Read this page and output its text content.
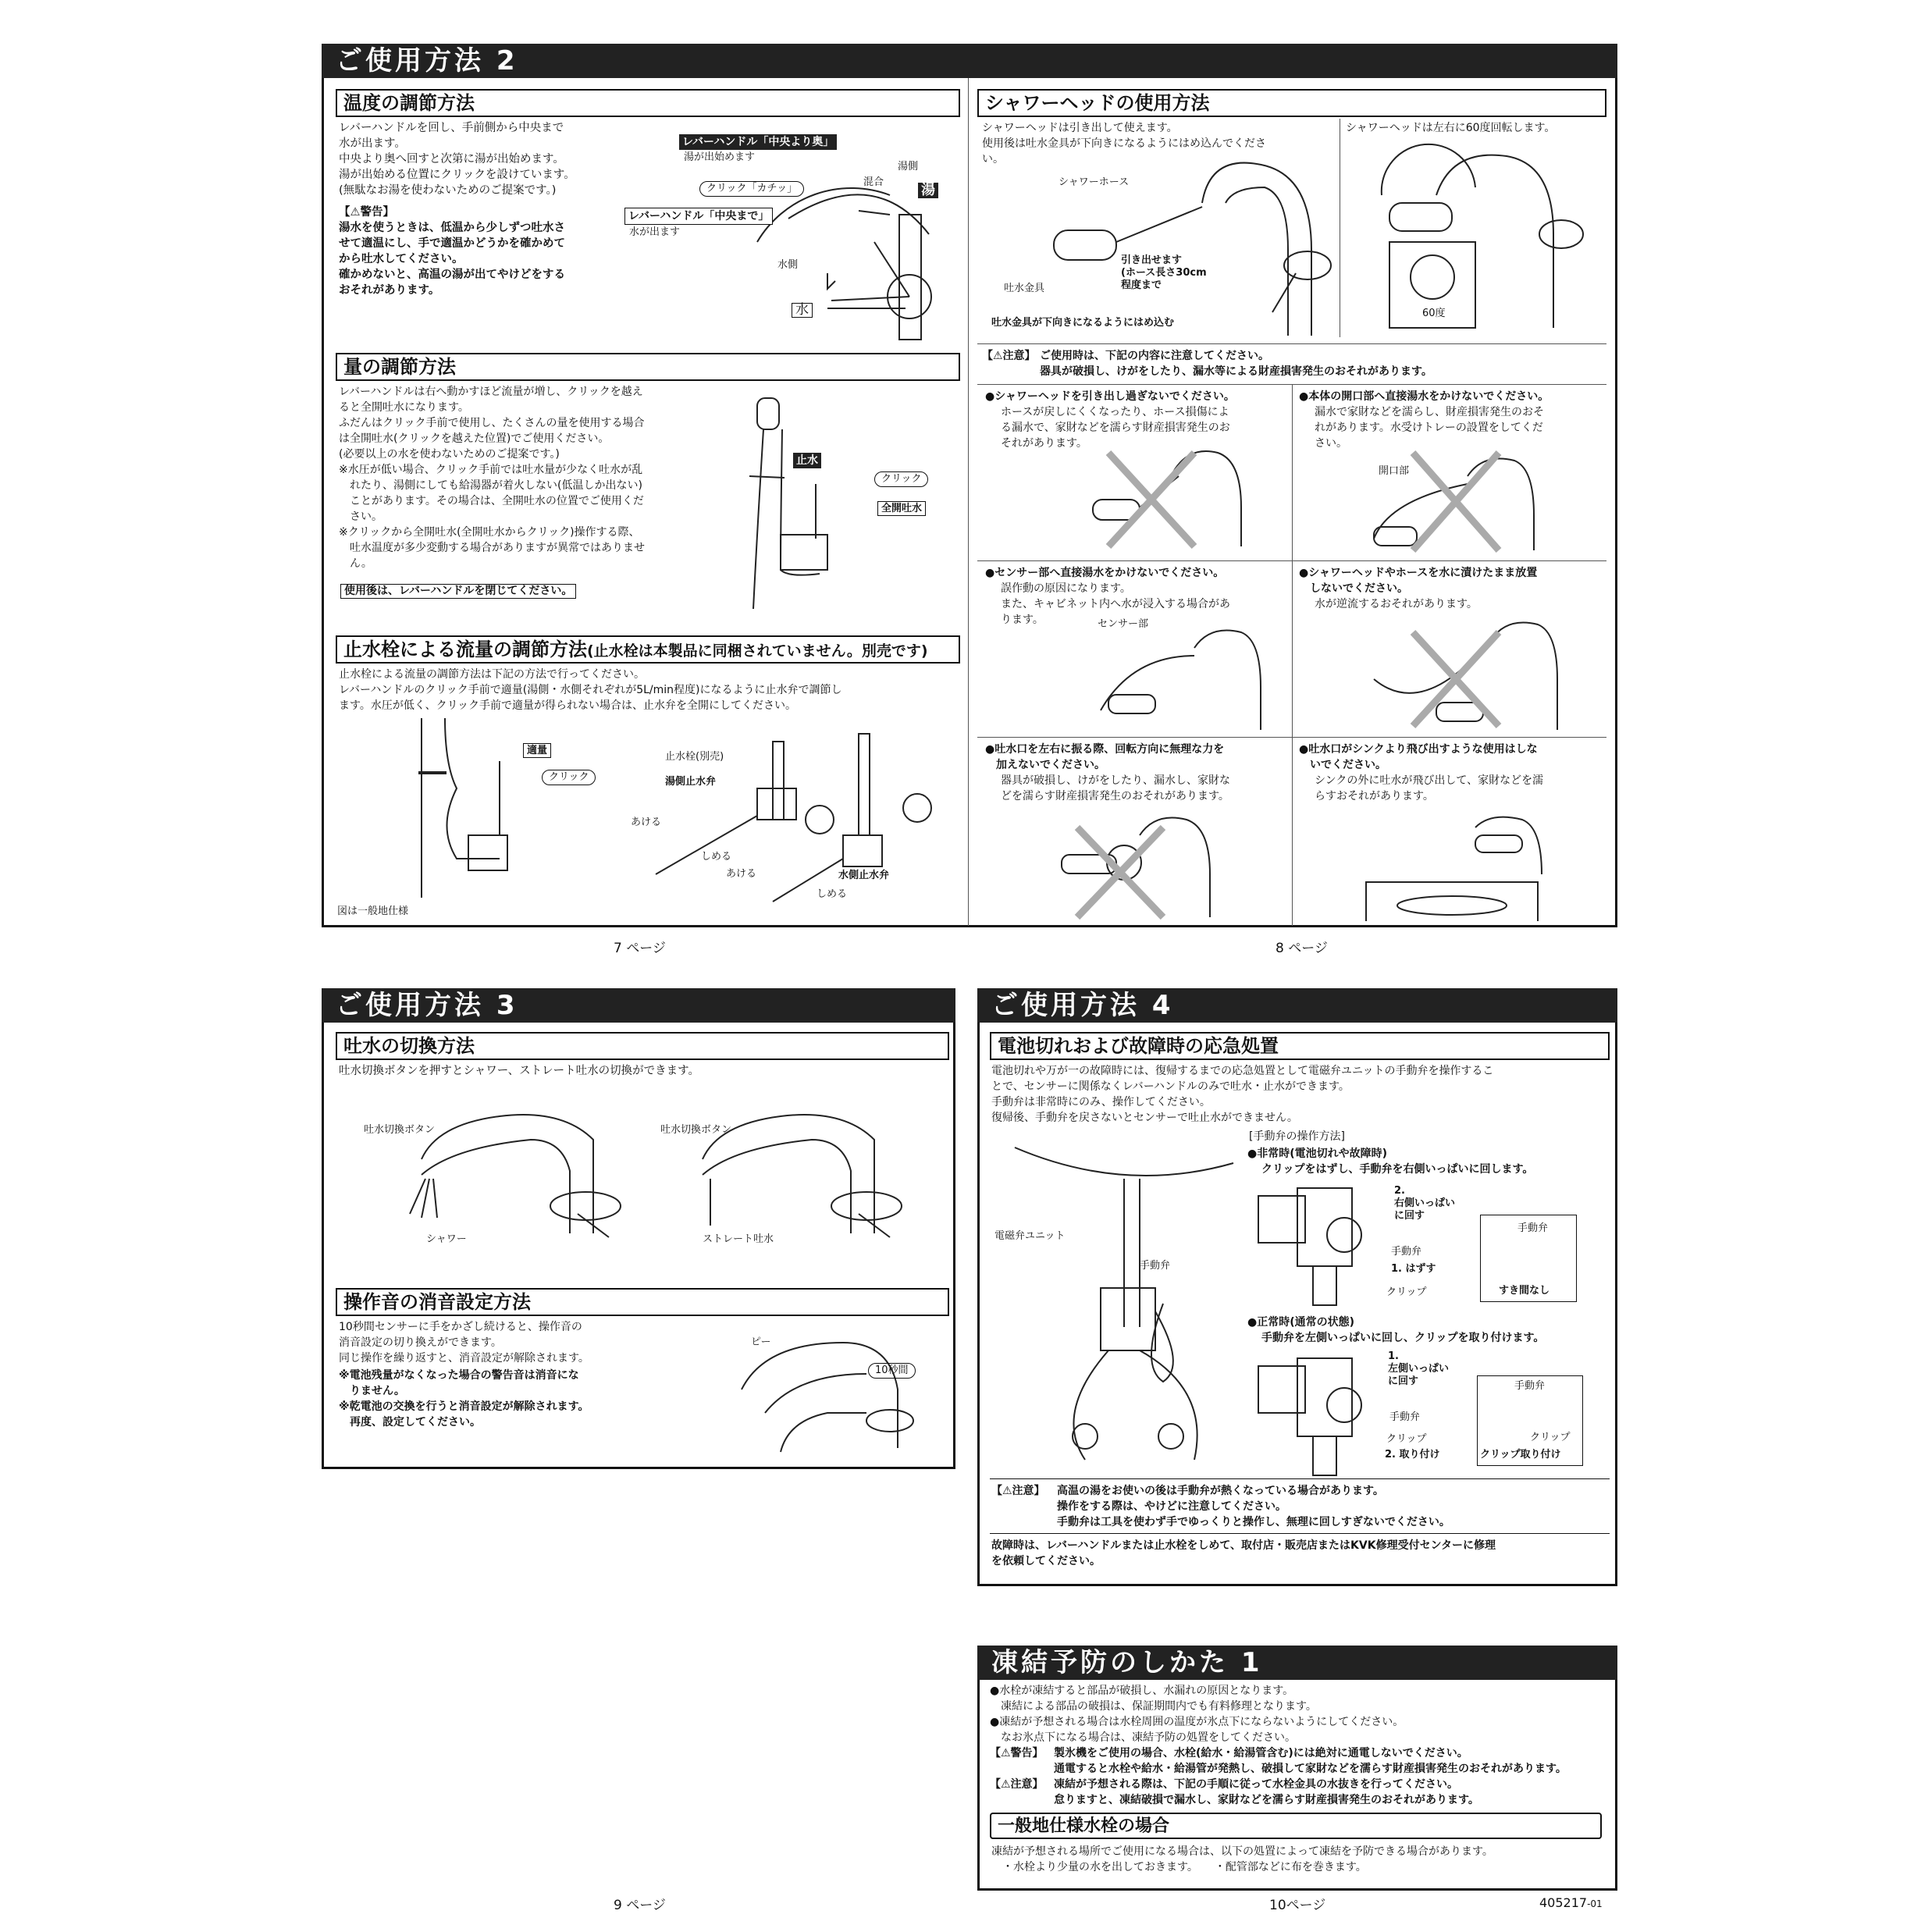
ご使用方法 2
温度の調節方法
レバーハンドルを回し、手前側から中央まで
水が出ます。
中央より奥へ回すと次第に湯が出始めます。
湯が出始める位置にクリックを設けています。
(無駄なお湯を使わないためのご提案です。)
【⚠警告】
湯水を使うときは、低温から少しずつ吐水さ
せて適温にし、手で適温かどうかを確かめて
から吐水してください。
確かめないと、高温の湯が出てやけどをする
おそれがあります。
レバーハンドル「中央より奥」
湯が出始めます
クリック「カチッ」
湯側
混合	湯
レバーハンドル「中央まで」
水が出ます
水側
水
量の調節方法
レバーハンドルは右へ動かすほど流量が増し、クリックを越え
ると全開吐水になります。
ふだんはクリック手前で使用し、たくさんの量を使用する場合
は全開吐水(クリックを越えた位置)でご使用ください。
(必要以上の水を使わないためのご提案です。)
※水圧が低い場合、クリック手前では吐水量が少なく吐水が乱
　れたり、湯側にしても給湯器が着火しない(低温しか出ない)
　ことがあります。その場合は、全開吐水の位置でご使用くだ
　さい。
※クリックから全開吐水(全開吐水からクリック)操作する際、
　吐水温度が多少変動する場合がありますが異常ではありませ
　ん。
使用後は、レバーハンドルを閉じてください。
止水
クリック
全開吐水
止水栓による流量の調節方法(止水栓は本製品に同梱されていません。別売です)
止水栓による流量の調節方法は下記の方法で行ってください。
レバーハンドルのクリック手前で適量(湯側・水側それぞれが5L/min程度)になるように止水弁で調節し
ます。水圧が低く、クリック手前で適量が得られない場合は、止水弁を全開にしてください。
適量
クリック
止水栓(別売)
湯側止水弁
あける
しめる
あける	水側止水弁
しめる
図は一般地仕様
7 ページ
シャワーヘッドの使用方法
シャワーヘッドは引き出して使えます。
使用後は吐水金具が下向きになるようにはめ込んでくださ
い。
シャワーヘッドは左右に60度回転します。
シャワーホース
引き出せます
(ホース長さ30cm
程度まで
吐水金具
吐水金具が下向きになるようにはめ込む
60度
【⚠注意】 ご使用時は、下記の内容に注意してください。
器具が破損し、けがをしたり、漏水等による財産損害発生のおそれがあります。
●シャワーヘッドを引き出し過ぎないでください。
ホースが戻しにくくなったり、ホース損傷によ
る漏水で、家財などを濡らす財産損害発生のお
それがあります。
●本体の開口部へ直接湯水をかけないでください。
漏水で家財などを濡らし、財産損害発生のおそ
れがあります。水受けトレーの設置をしてくだ
さい。
開口部
●センサー部へ直接湯水をかけないでください。
誤作動の原因になります。
また、キャビネット内へ水が浸入する場合があ
ります。	センサー部
●シャワーヘッドやホースを水に漬けたまま放置
　しないでください。
水が逆流するおそれがあります。
●吐水口を左右に振る際、回転方向に無理な力を
　加えないでください。
器具が破損し、けがをしたり、漏水し、家財な
どを濡らす財産損害発生のおそれがあります。
●吐水口がシンクより飛び出すような使用はしな
　いでください。
シンクの外に吐水が飛び出して、家財などを濡
らすおそれがあります。
8 ページ
ご使用方法 3
吐水の切換方法
吐水切換ボタンを押すとシャワー、ストレート吐水の切換ができます。
吐水切換ボタン	吐水切換ボタン
シャワー	ストレート吐水
操作音の消音設定方法
10秒間センサーに手をかざし続けると、操作音の
消音設定の切り換えができます。
同じ操作を繰り返すと、消音設定が解除されます。
※電池残量がなくなった場合の警告音は消音にな
　りません。
※乾電池の交換を行うと消音設定が解除されます。
　再度、設定してください。
ピー
10秒間
9 ページ
ご使用方法 4
電池切れおよび故障時の応急処置
電池切れや万が一の故障時には、復帰するまでの応急処置として電磁弁ユニットの手動弁を操作するこ
とで、センサーに関係なくレバーハンドルのみで吐水・止水ができます。
手動弁は非常時にのみ、操作してください。
復帰後、手動弁を戻さないとセンサーで吐止水ができません。
[手動弁の操作方法]
電磁弁ユニット
手動弁
●非常時(電池切れや故障時)
クリップをはずし、手動弁を右側いっぱいに回します。
2.
右側いっぱい
に回す
手動弁
1. はずす
クリップ
手動弁
すき間なし
●正常時(通常の状態)
手動弁を左側いっぱいに回し、クリップを取り付けます。
1.
左側いっぱい
に回す
手動弁
クリップ
2. 取り付け
手動弁
クリップ
クリップ取り付け
【⚠注意】 高温の湯をお使いの後は手動弁が熱くなっている場合があります。
操作をする際は、やけどに注意してください。
手動弁は工具を使わず手でゆっくりと操作し、無理に回しすぎないでください。
故障時は、レバーハンドルまたは止水栓をしめて、取付店・販売店またはKVK修理受付センターに修理
を依頼してください。
凍結予防のしかた 1
●水栓が凍結すると部品が破損し、水漏れの原因となります。
　凍結による部品の破損は、保証期間内でも有料修理となります。
●凍結が予想される場合は水栓周囲の温度が氷点下にならないようにしてください。
　なお氷点下になる場合は、凍結予防の処置をしてください。
【⚠警告】 製氷機をご使用の場合、水栓(給水・給湯管含む)には絶対に通電しないでください。
通電すると水栓や給水・給湯管が発熱し、破損して家財などを濡らす財産損害発生のおそれがあります。
【⚠注意】 凍結が予想される際は、下記の手順に従って水栓金具の水抜きを行ってください。
怠りますと、凍結破損で漏水し、家財などを濡らす財産損害発生のおそれがあります。
一般地仕様水栓の場合
凍結が予想される場所でご使用になる場合は、以下の処置によって凍結を予防できる場合があります。
　・水栓より少量の水を出しておきます。　　・配管部などに布を巻きます。
10ページ	405217-01
